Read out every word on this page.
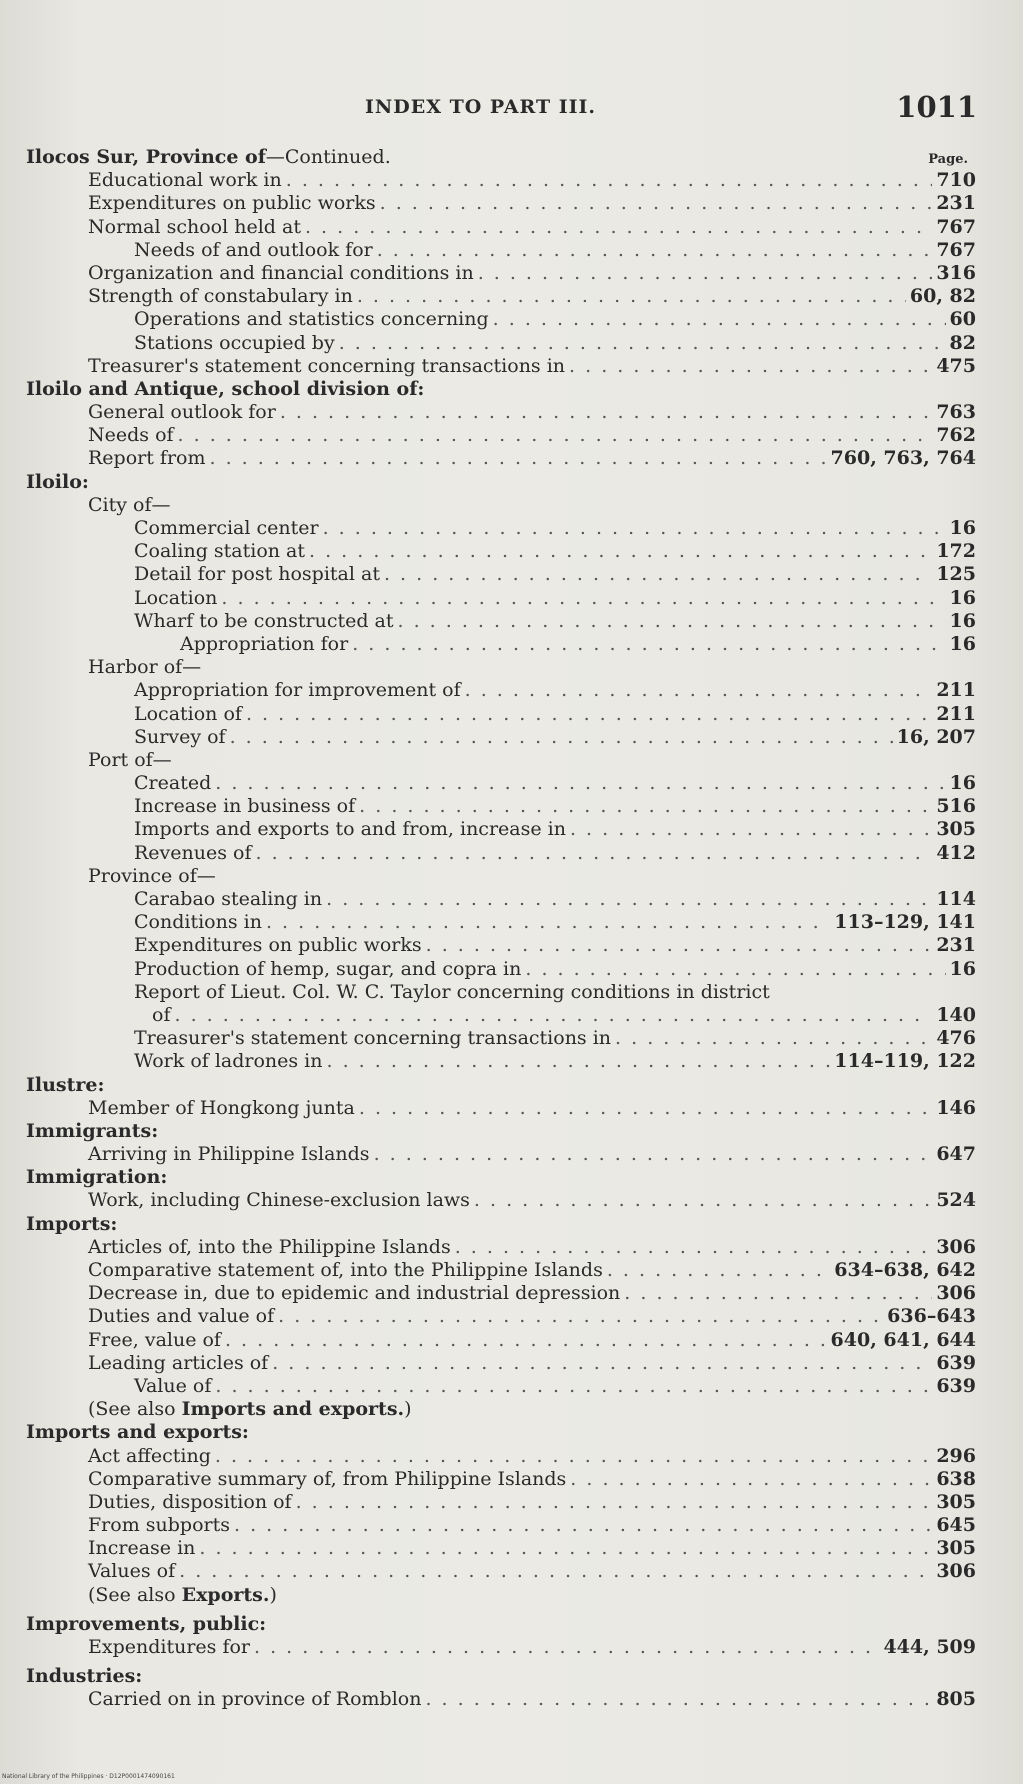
INDEX TO PART III.	1011
Ilocos Sur, Province of—Continued.	Page.
Educational work in . . .	710
Expenditures on public works . . .	231
Normal school held at . . .	767
Needs of and outlook for . . .	767
Organization and financial conditions in . . .	316
Strength of constabulary in . . .	60, 82
Operations and statistics concerning . . .	60
Stations occupied by . . .	82
Treasurer's statement concerning transactions in . . .	475
Iloilo and Antique, school division of:
General outlook for . . .	763
Needs of . . .	762
Report from . . .	760, 763, 764
Iloilo:
City of—
Commercial center . . .	16
Coaling station at . . .	172
Detail for post hospital at . . .	125
Location . . .	16
Wharf to be constructed at . . .	16
Appropriation for . . .	16
Harbor of—
Appropriation for improvement of . . .	211
Location of . . .	211
Survey of . . .	16, 207
Port of—
Created . . .	16
Increase in business of . . .	516
Imports and exports to and from, increase in . . .	305
Revenues of . . .	412
Province of—
Carabao stealing in . . .	114
Conditions in . . .	113–129, 141
Expenditures on public works . . .	231
Production of hemp, sugar, and copra in . . .	16
Report of Lieut. Col. W. C. Taylor concerning conditions in district
of . . .	140
Treasurer's statement concerning transactions in . . .	476
Work of ladrones in . . .	114–119, 122
Ilustre:
Member of Hongkong junta . . .	146
Immigrants:
Arriving in Philippine Islands . . .	647
Immigration:
Work, including Chinese-exclusion laws . . .	524
Imports:
Articles of, into the Philippine Islands . . .	306
Comparative statement of, into the Philippine Islands . . .	634–638, 642
Decrease in, due to epidemic and industrial depression . . .	306
Duties and value of . . .	636–643
Free, value of . . .	640, 641, 644
Leading articles of . . .	639
Value of . . .	639
(See also Imports and exports.)
Imports and exports:
Act affecting . . .	296
Comparative summary of, from Philippine Islands . . .	638
Duties, disposition of . . .	305
From subports . . .	645
Increase in . . .	305
Values of . . .	306
(See also Exports.)
Improvements, public:
Expenditures for . . .	444, 509
Industries:
Carried on in province of Romblon . . .	805
National Library of the Philippines · D12P0001474090161
